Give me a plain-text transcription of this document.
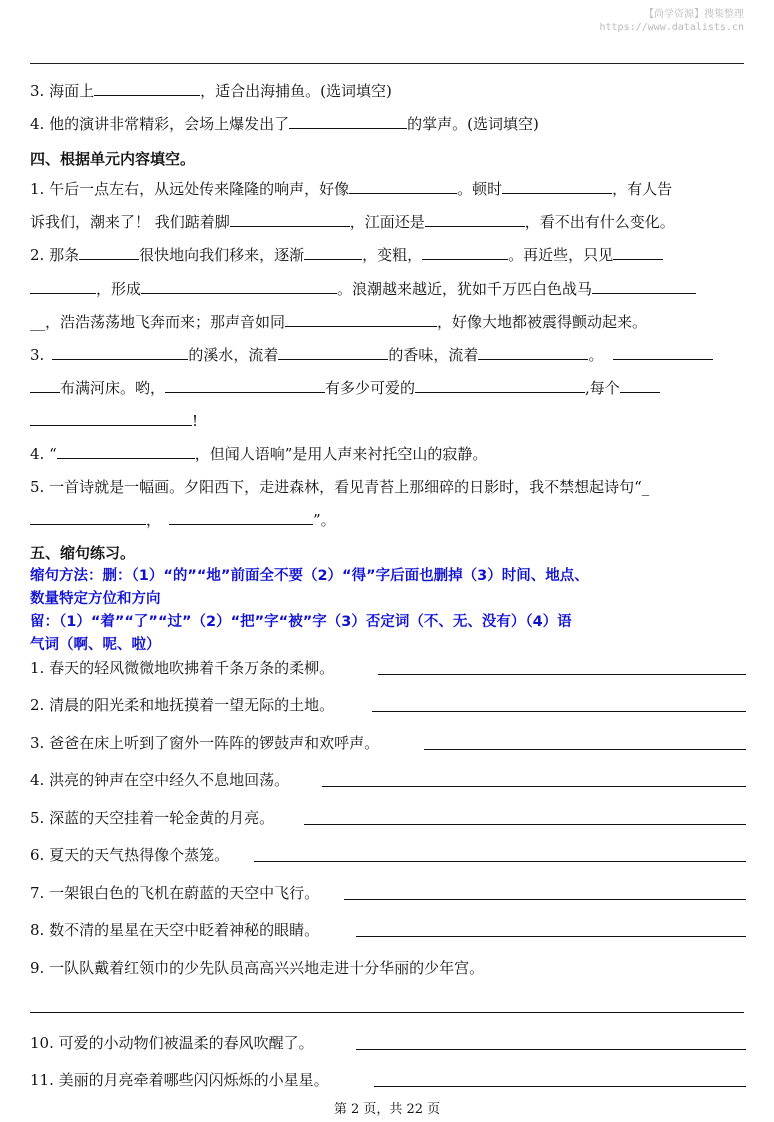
【尚学资源】搜集整理
https://www.datalists.cn
3. 海面上	，适合出海捕鱼。(选词填空)
4. 他的演讲非常精彩，会场上爆发出了	的掌声。(选词填空)
四、根据单元内容填空。
1. 午后一点左右，从远处传来隆隆的响声，好像	。顿时	，有人告
诉我们，潮来了！ 我们踮着脚	，江面还是	，看不出有什么变化。
2. 那条	很快地向我们移来，逐渐	，变粗，	。再近些，只见
，形成	。浪潮越来越近，犹如千万匹白色战马
__，浩浩荡荡地飞奔而来；那声音如同	，好像大地都被震得颤动起来。
3.	的溪水，流着	的香味，流着	。
布满河床。哟，	有多少可爱的	,每个
!
4. “	，但闻人语响”是用人声来衬托空山的寂静。
5. 一首诗就是一幅画。夕阳西下，走进森林，看见青苔上那细碎的日影时，我不禁想起诗句“_
，	”。
五、缩句练习。
缩句方法：删：（1）“的”“地”前面全不要（2）“得”字后面也删掉（3）时间、地点、
数量特定方位和方向
留：（1）“着”“了”“过”（2）“把”字“被”字（3）否定词（不、无、没有）（4）语
气词（啊、呢、啦）
1. 春天的轻风微微地吹拂着千条万条的柔柳。
2. 清晨的阳光柔和地抚摸着一望无际的土地。
3. 爸爸在床上听到了窗外一阵阵的锣鼓声和欢呼声。
4. 洪亮的钟声在空中经久不息地回荡。
5. 深蓝的天空挂着一轮金黄的月亮。
6. 夏天的天气热得像个蒸笼。
7. 一架银白色的飞机在蔚蓝的天空中飞行。
8. 数不清的星星在天空中眨着神秘的眼睛。
9. 一队队戴着红领巾的少先队员高高兴兴地走进十分华丽的少年宫。
10. 可爱的小动物们被温柔的春风吹醒了。
11. 美丽的月亮牵着哪些闪闪烁烁的小星星。
第 2 页，共 22 页
